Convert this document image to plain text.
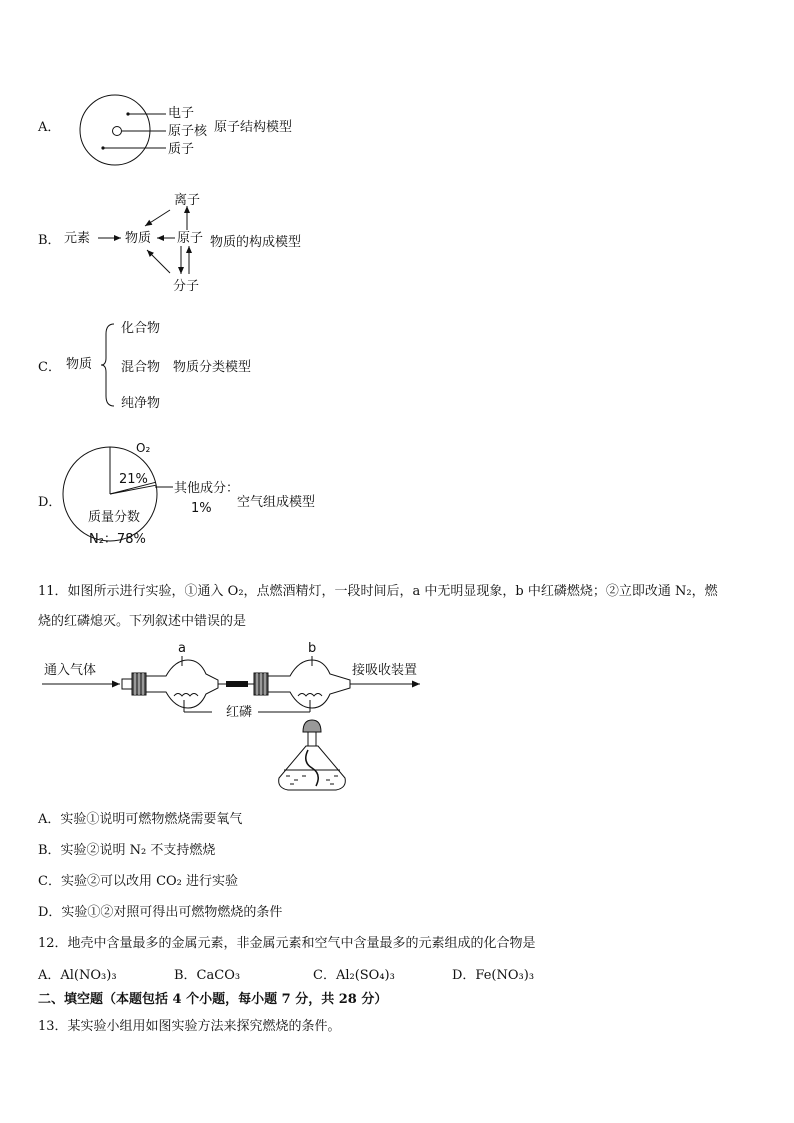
A．
电子
原子核
质子
原子结构模型
B． 元素	物质 原子
离子
分子
物质的构成模型
C． 物质
化合物
混合物 物质分类模型
纯净物
D．
O₂
21%
其他成分：
1%
质量分数
N₂：78%
空气组成模型
11．如图所示进行实验，①通入 O₂，点燃酒精灯，一段时间后，a 中无明显现象，b 中红磷燃烧；②立即改通 N₂，燃
烧的红磷熄灭。下列叙述中错误的是
通入气体	接吸收装置
a	b
红磷
A．实验①说明可燃物燃烧需要氧气
B．实验②说明 N₂ 不支持燃烧
C．实验②可以改用 CO₂ 进行实验
D．实验①②对照可得出可燃物燃烧的条件
12．地壳中含量最多的金属元素，非金属元素和空气中含量最多的元素组成的化合物是
A．Al(NO₃)₃	B．CaCO₃	C．Al₂(SO₄)₃	D．Fe(NO₃)₃
二、填空题（本题包括 4 个小题，每小题 7 分，共 28 分）
13．某实验小组用如图实验方法来探究燃烧的条件。
